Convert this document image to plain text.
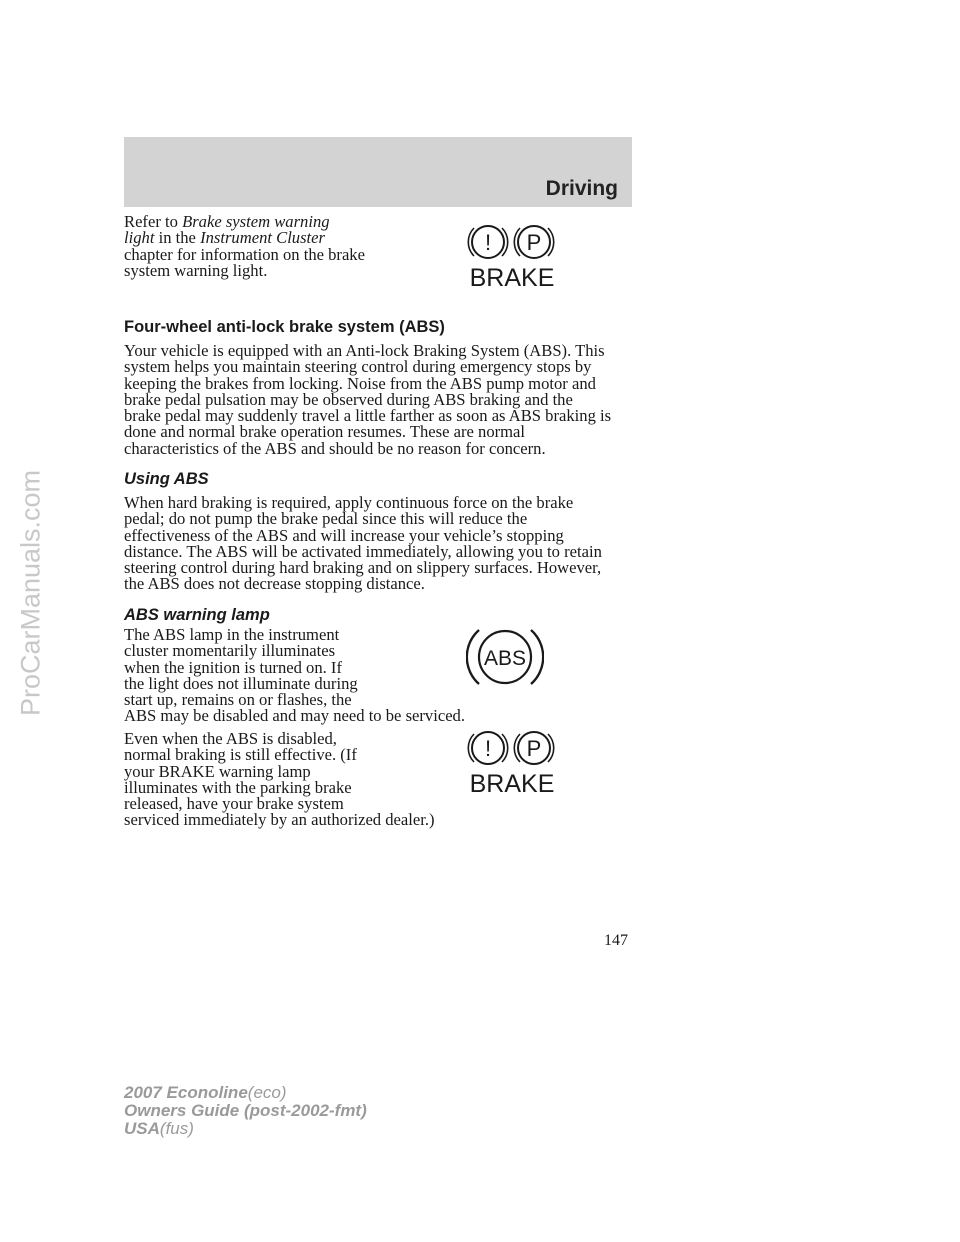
ProCarManuals.com
Driving
Refer to Brake system warning
light in the Instrument Cluster
chapter for information on the brake
system warning light.
! P
BRAKE
Four-wheel anti-lock brake system (ABS)
Your vehicle is equipped with an Anti-lock Braking System (ABS). This
system helps you maintain steering control during emergency stops by
keeping the brakes from locking. Noise from the ABS pump motor and
brake pedal pulsation may be observed during ABS braking and the
brake pedal may suddenly travel a little farther as soon as ABS braking is
done and normal brake operation resumes. These are normal
characteristics of the ABS and should be no reason for concern.
Using ABS
When hard braking is required, apply continuous force on the brake
pedal; do not pump the brake pedal since this will reduce the
effectiveness of the ABS and will increase your vehicle’s stopping
distance. The ABS will be activated immediately, allowing you to retain
steering control during hard braking and on slippery surfaces. However,
the ABS does not decrease stopping distance.
ABS warning lamp
The ABS lamp in the instrument
cluster momentarily illuminates
when the ignition is turned on. If
the light does not illuminate during
start up, remains on or flashes, the
ABS may be disabled and may need to be serviced.
ABS
Even when the ABS is disabled,
normal braking is still effective. (If
your BRAKE warning lamp
illuminates with the parking brake
released, have your brake system
serviced immediately by an authorized dealer.)
! P
BRAKE
147
2007 Econoline(eco)
Owners Guide (post-2002-fmt)
USA(fus)
